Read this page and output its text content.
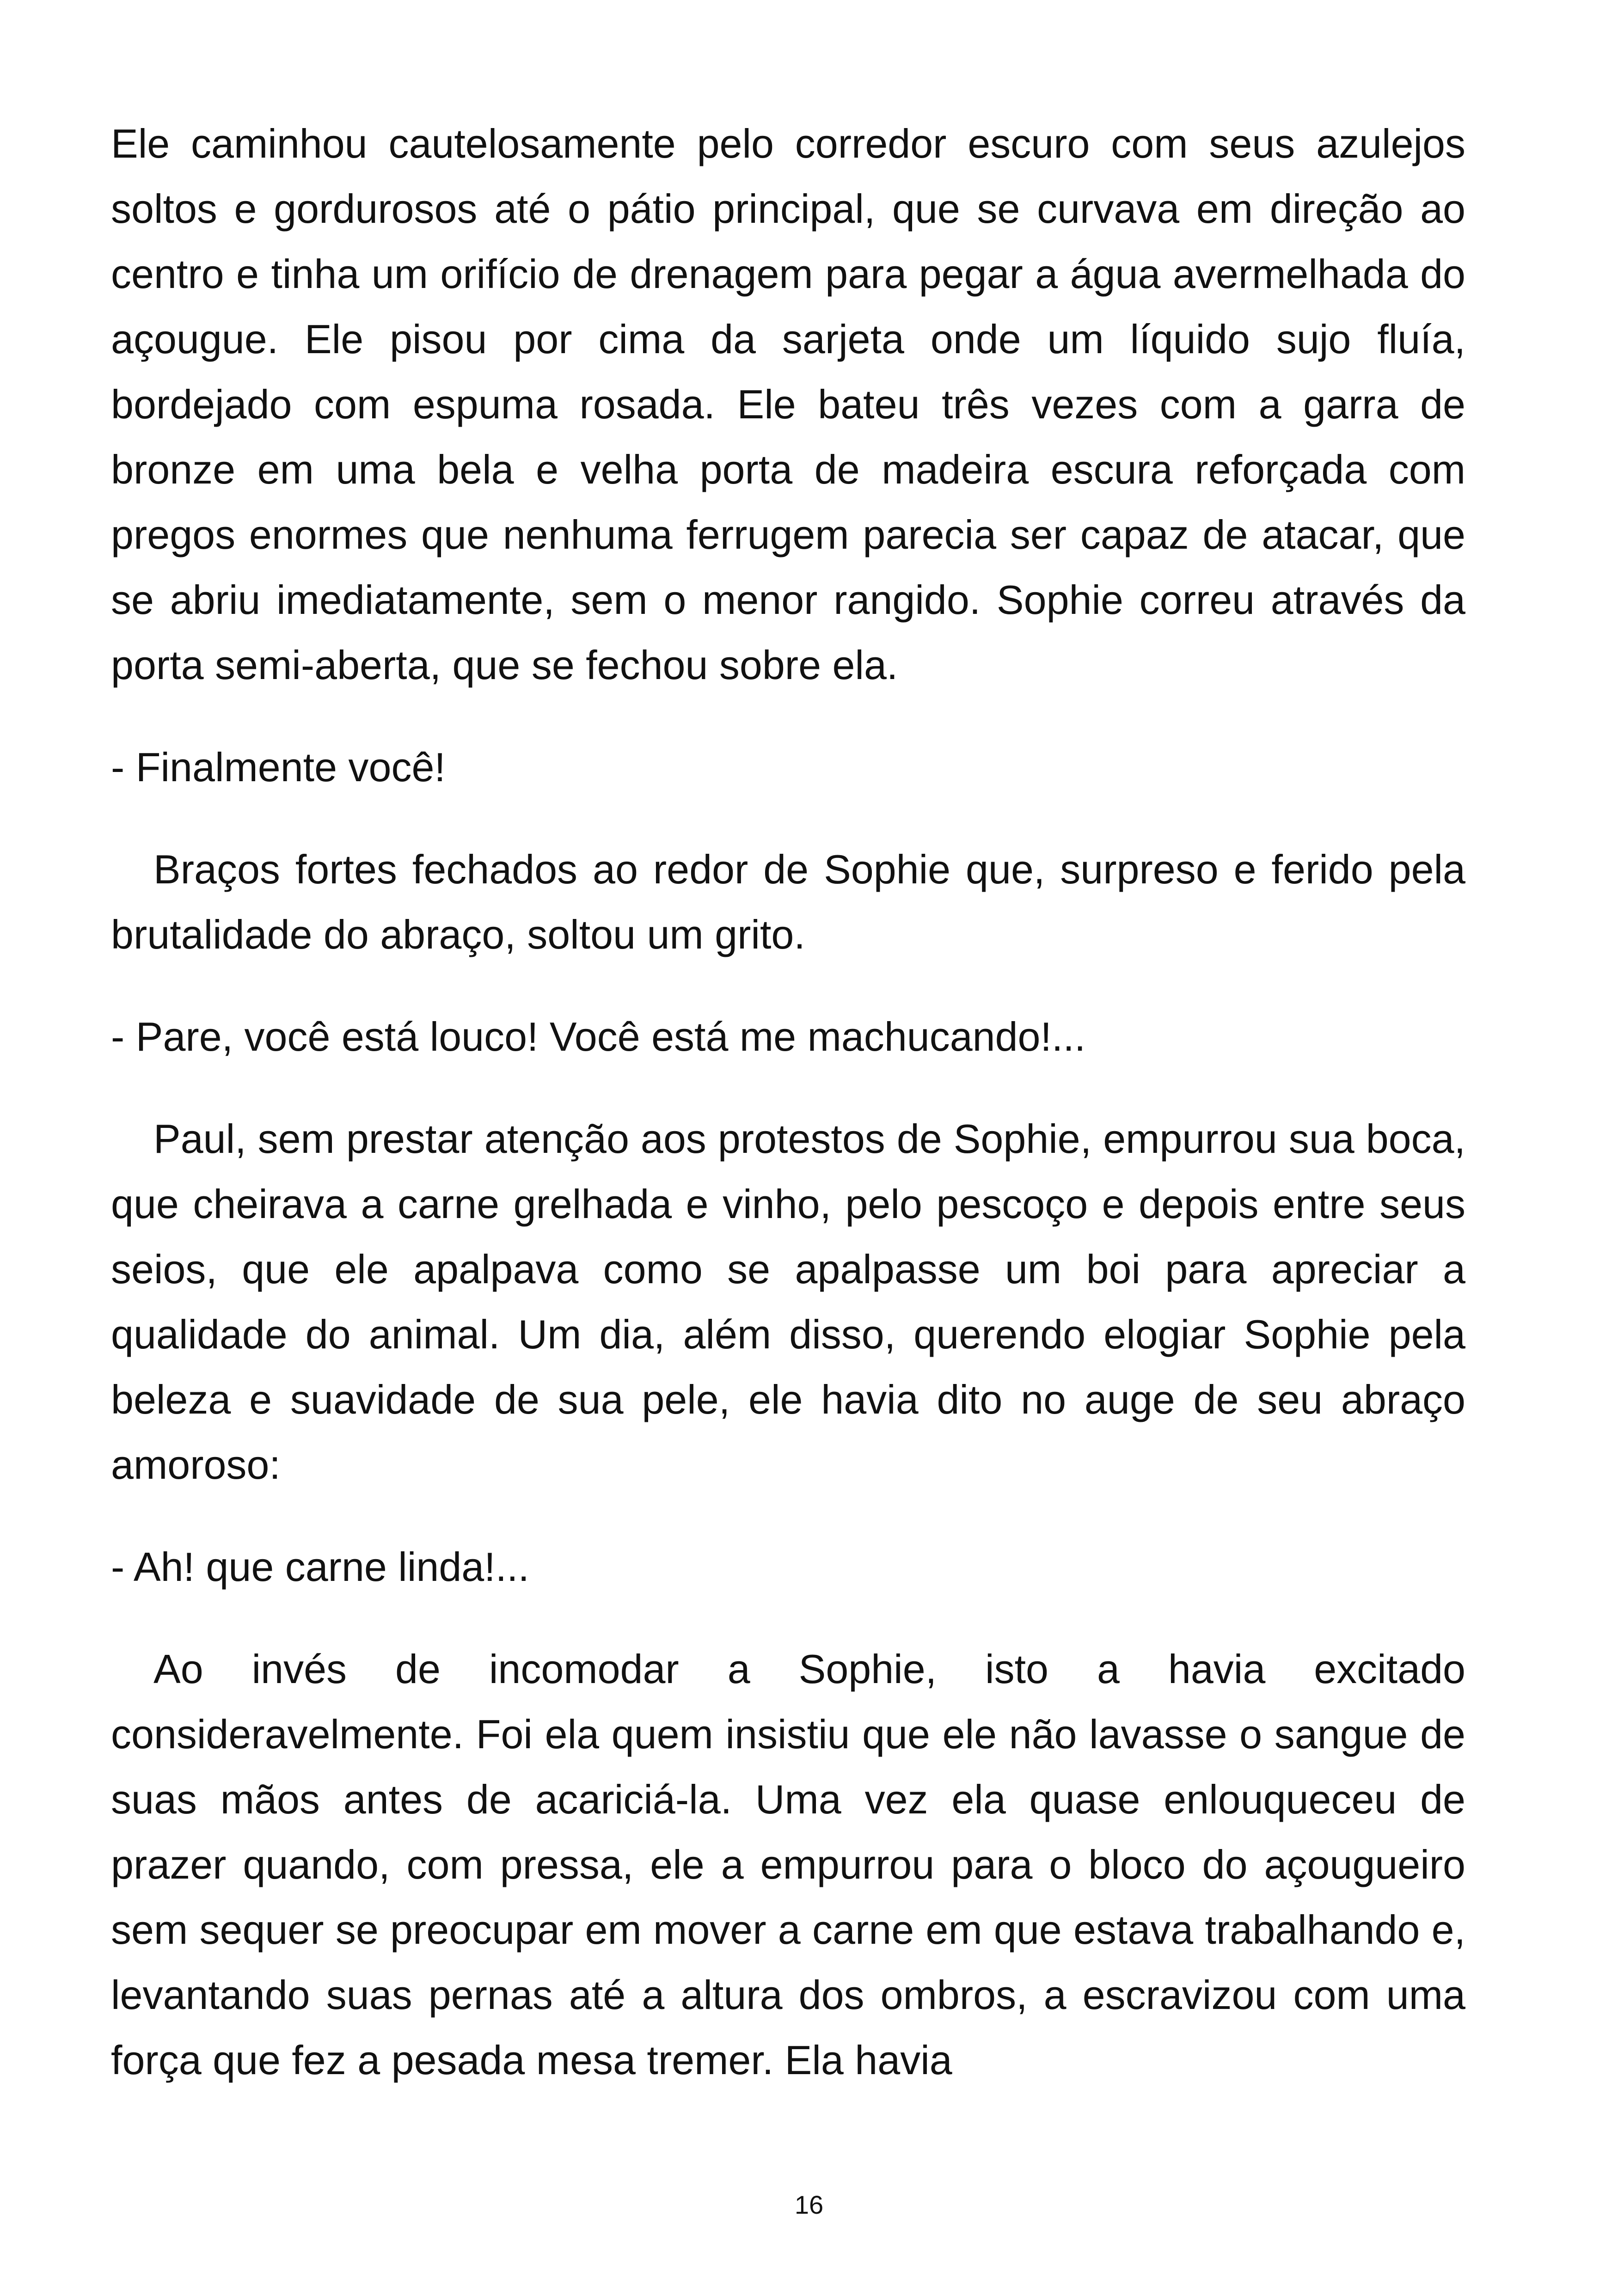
Ele caminhou cautelosamente pelo corredor escuro com seus azulejos soltos e gordurosos até o pátio principal, que se curvava em direção ao centro e tinha um orifício de drenagem para pegar a água avermelhada do açougue. Ele pisou por cima da sarjeta onde um líquido sujo fluía, bordejado com espuma rosada. Ele bateu três vezes com a garra de bronze em uma bela e velha porta de madeira escura reforçada com pregos enormes que nenhuma ferrugem parecia ser capaz de atacar, que se abriu imediatamente, sem o menor rangido. Sophie correu através da porta semi-aberta, que se fechou sobre ela.

- Finalmente você!

Braços fortes fechados ao redor de Sophie que, surpreso e ferido pela brutalidade do abraço, soltou um grito.

- Pare, você está louco! Você está me machucando!...

Paul, sem prestar atenção aos protestos de Sophie, empurrou sua boca, que cheirava a carne grelhada e vinho, pelo pescoço e depois entre seus seios, que ele apalpava como se apalpasse um boi para apreciar a qualidade do animal. Um dia, além disso, querendo elogiar Sophie pela beleza e suavidade de sua pele, ele havia dito no auge de seu abraço amoroso:

- Ah! que carne linda!...

Ao invés de incomodar a Sophie, isto a havia excitado consideravelmente. Foi ela quem insistiu que ele não lavasse o sangue de suas mãos antes de acariciá-la. Uma vez ela quase enlouqueceu de prazer quando, com pressa, ele a empurrou para o bloco do açougueiro sem sequer se preocupar em mover a carne em que estava trabalhando e, levantando suas pernas até a altura dos ombros, a escravizou com uma força que fez a pesada mesa tremer. Ela havia

16
